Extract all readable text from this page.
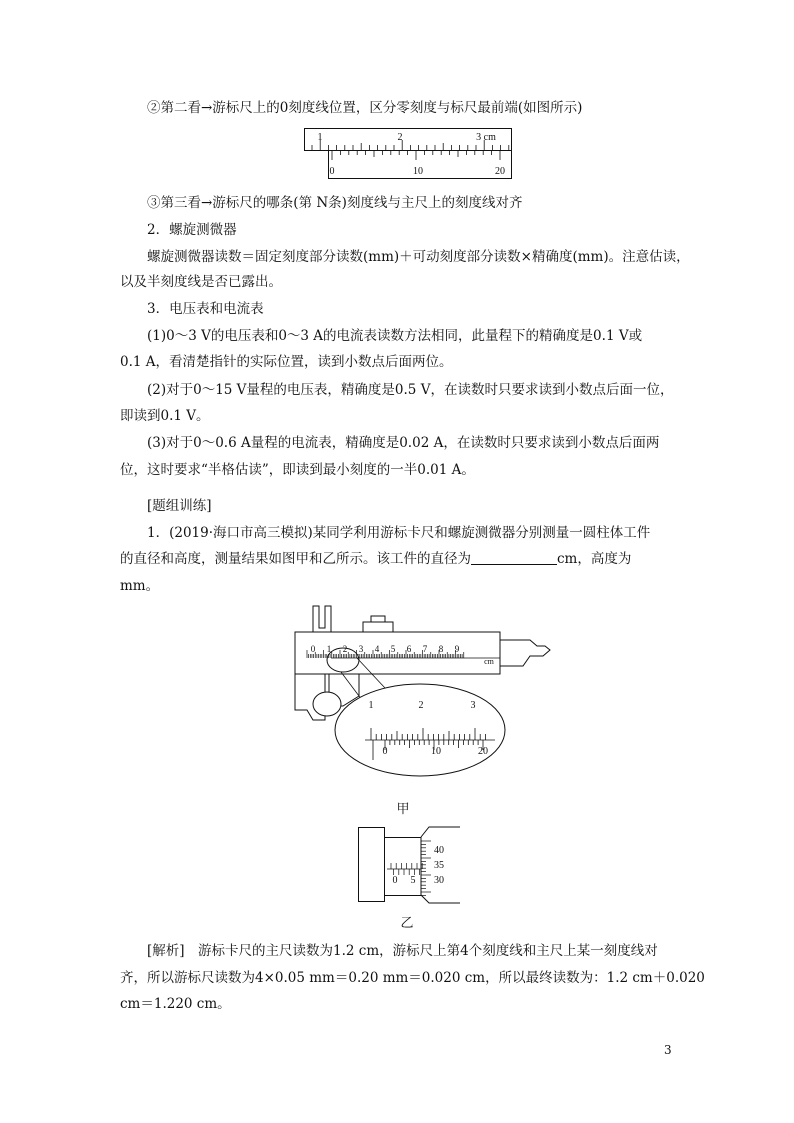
②第二看→游标尺上的0刻度线位置，区分零刻度与标尺最前端(如图所示)
1	2	3 cm
0	10	20
③第三看→游标尺的哪条(第 N条)刻度线与主尺上的刻度线对齐
2．螺旋测微器
螺旋测微器读数＝固定刻度部分读数(mm)＋可动刻度部分读数×精确度(mm)。注意估读，
以及半刻度线是否已露出。
3．电压表和电流表
(1)0～3 V的电压表和0～3 A的电流表读数方法相同，此量程下的精确度是0.1 V或
0.1 A，看清楚指针的实际位置，读到小数点后面两位。
(2)对于0～15 V量程的电压表，精确度是0.5 V，在读数时只要求读到小数点后面一位，
即读到0.1 V。
(3)对于0～0.6 A量程的电流表，精确度是0.02 A，在读数时只要求读到小数点后面两
位，这时要求“半格估读”，即读到最小刻度的一半0.01 A。
[题组训练]
1．(2019·海口市高三模拟)某同学利用游标卡尺和螺旋测微器分别测量一圆柱体工件
的直径和高度，测量结果如图甲和乙所示。该工件的直径为	cm，高度为
mm。
0 1 2 3 4 5 6 7 8 9
cm
1	2	3
0	10	20
甲
0 5
40
35
30
乙
[解析]　游标卡尺的主尺读数为1.2 cm，游标尺上第4个刻度线和主尺上某一刻度线对
齐，所以游标尺读数为4×0.05 mm＝0.20 mm＝0.020 cm，所以最终读数为：1.2 cm＋0.020
cm＝1.220 cm。
3
